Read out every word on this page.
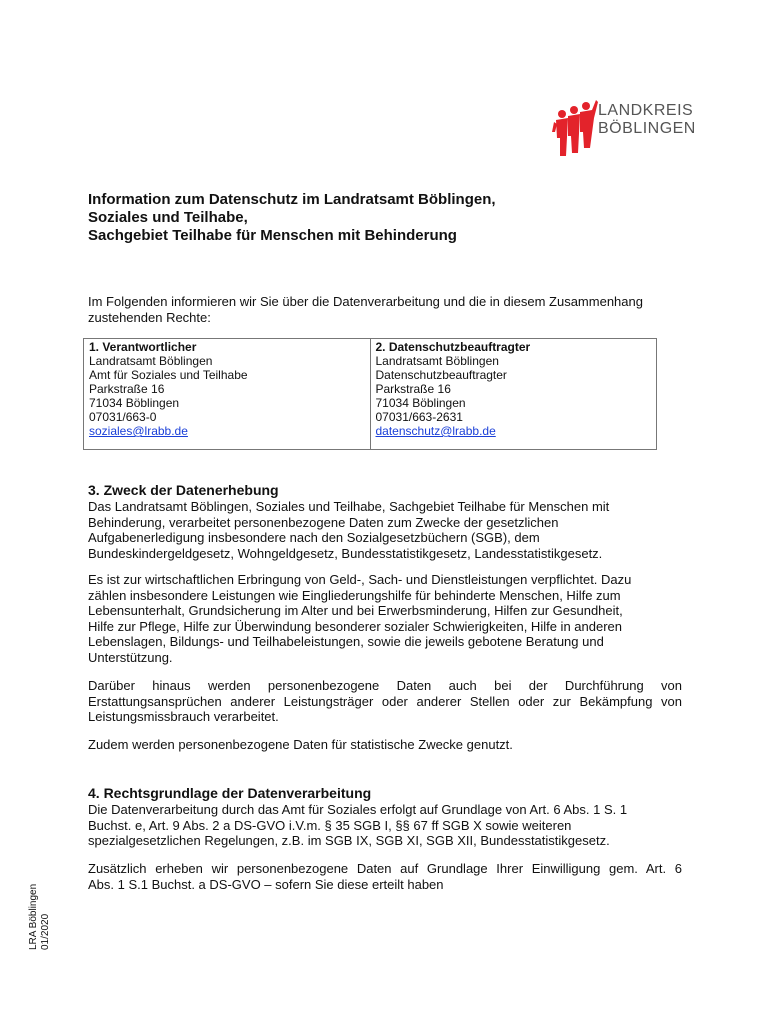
LANDKREIS
BÖBLINGEN
Information zum Datenschutz im Landratsamt Böblingen,
Soziales und Teilhabe,
Sachgebiet Teilhabe für Menschen mit Behinderung
Im Folgenden informieren wir Sie über die Datenverarbeitung und die in diesem Zusammenhang
zustehenden Rechte:
1. Verantwortlicher
Landratsamt Böblingen
Amt für Soziales und Teilhabe
Parkstraße 16
71034 Böblingen
07031/663-0
soziales@lrabb.de	
2. Datenschutzbeauftragter
Landratsamt Böblingen
Datenschutzbeauftragter
Parkstraße 16
71034 Böblingen
07031/663-2631
datenschutz@lrabb.de
3. Zweck der Datenerhebung
Das Landratsamt Böblingen, Soziales und Teilhabe, Sachgebiet Teilhabe für Menschen mit
Behinderung, verarbeitet personenbezogene Daten zum Zwecke der gesetzlichen
Aufgabenerledigung insbesondere nach den Sozialgesetzbüchern (SGB), dem
Bundeskindergeldgesetz, Wohngeldgesetz, Bundesstatistikgesetz, Landesstatistikgesetz.
Es ist zur wirtschaftlichen Erbringung von Geld-, Sach- und Dienstleistungen verpflichtet. Dazu
zählen insbesondere Leistungen wie Eingliederungshilfe für behinderte Menschen, Hilfe zum
Lebensunterhalt, Grundsicherung im Alter und bei Erwerbsminderung, Hilfen zur Gesundheit,
Hilfe zur Pflege, Hilfe zur Überwindung besonderer sozialer Schwierigkeiten, Hilfe in anderen
Lebenslagen, Bildungs- und Teilhabeleistungen, sowie die jeweils gebotene Beratung und
Unterstützung.
Darüber hinaus werden personenbezogene Daten auch bei der Durchführung von
Erstattungsansprüchen anderer Leistungsträger oder anderer Stellen oder zur Bekämpfung von
Leistungsmissbrauch verarbeitet.
Zudem werden personenbezogene Daten für statistische Zwecke genutzt.
4. Rechtsgrundlage der Datenverarbeitung
Die Datenverarbeitung durch das Amt für Soziales erfolgt auf Grundlage von Art. 6 Abs. 1 S. 1
Buchst. e, Art. 9 Abs. 2 a DS-GVO i.V.m. § 35 SGB I, §§ 67 ff SGB X sowie weiteren
spezialgesetzlichen Regelungen, z.B. im SGB IX, SGB XI, SGB XII, Bundesstatistikgesetz.
Zusätzlich erheben wir personenbezogene Daten auf Grundlage Ihrer Einwilligung gem. Art. 6
Abs. 1 S.1 Buchst. a DS-GVO – sofern Sie diese erteilt haben
LRA Böblingen 01/2020
